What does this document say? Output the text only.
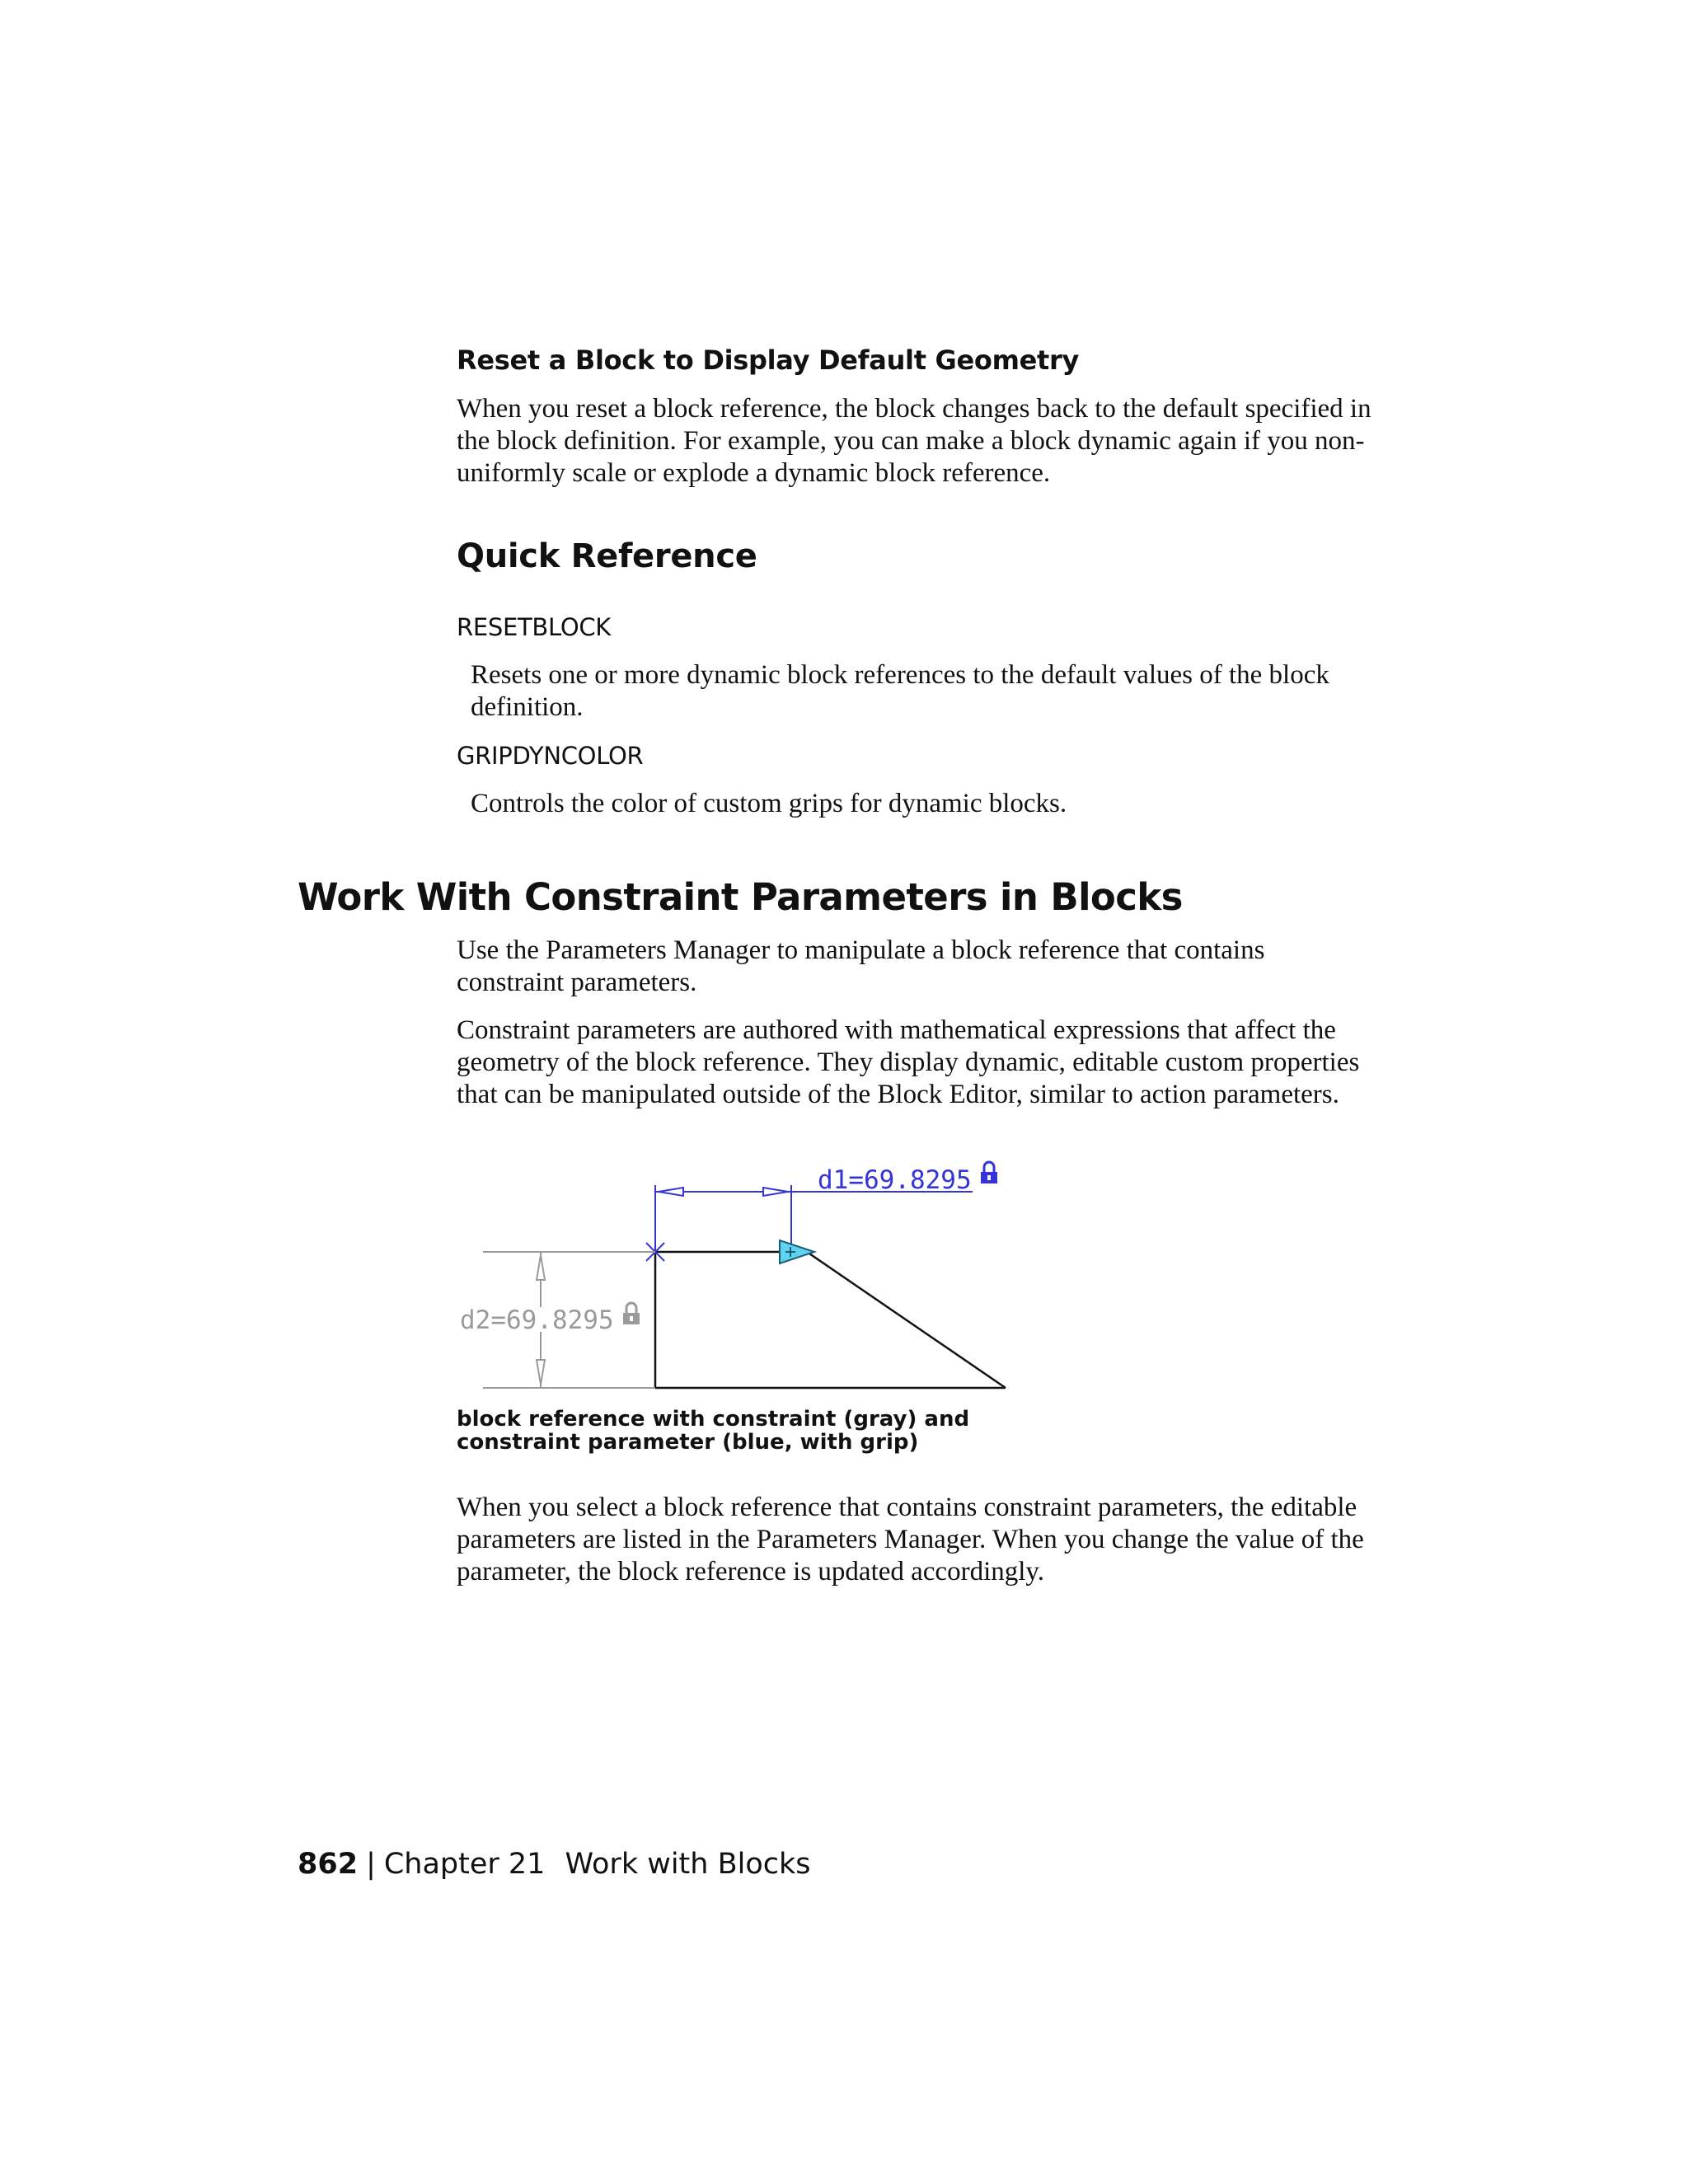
Reset a Block to Display Default Geometry

When you reset a block reference, the block changes back to the default specified in the block definition. For example, you can make a block dynamic again if you non-uniformly scale or explode a dynamic block reference.

Quick Reference
RESETBLOCK

Resets one or more dynamic block references to the default values of the block definition.

GRIPDYNCOLOR

Controls the color of custom grips for dynamic blocks.

Work With Constraint Parameters in Blocks

Use the Parameters Manager to manipulate a block reference that contains constraint parameters.

Constraint parameters are authored with mathematical expressions that affect the geometry of the block reference. They display dynamic, editable custom properties that can be manipulated outside of the Block Editor, similar to action parameters.

d1=69.8295
d2=69.8295

block reference with constraint (gray) and constraint parameter (blue, with grip)

When you select a block reference that contains constraint parameters, the editable parameters are listed in the Parameters Manager. When you change the value of the parameter, the block reference is updated accordingly.

862 | Chapter 21 Work with Blocks
